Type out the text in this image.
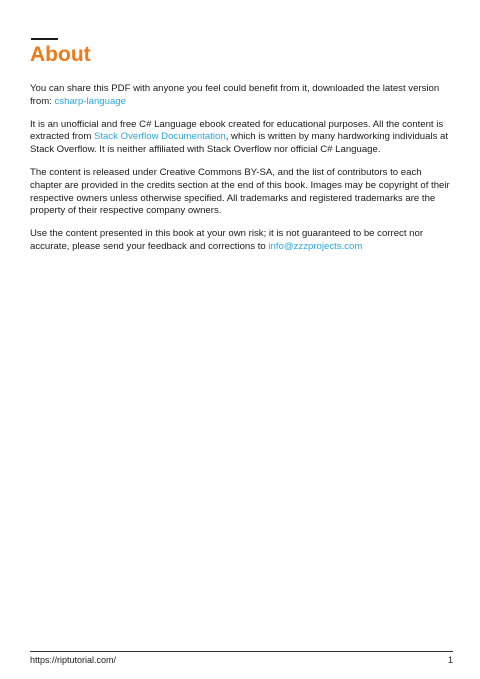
About

You can share this PDF with anyone you feel could benefit from it, downloaded the latest version from: csharp-language

It is an unofficial and free C# Language ebook created for educational purposes. All the content is extracted from Stack Overflow Documentation, which is written by many hardworking individuals at Stack Overflow. It is neither affiliated with Stack Overflow nor official C# Language.

The content is released under Creative Commons BY-SA, and the list of contributors to each chapter are provided in the credits section at the end of this book. Images may be copyright of their respective owners unless otherwise specified. All trademarks and registered trademarks are the property of their respective company owners.

Use the content presented in this book at your own risk; it is not guaranteed to be correct nor accurate, please send your feedback and corrections to info@zzzprojects.com

https://riptutorial.com/	1
